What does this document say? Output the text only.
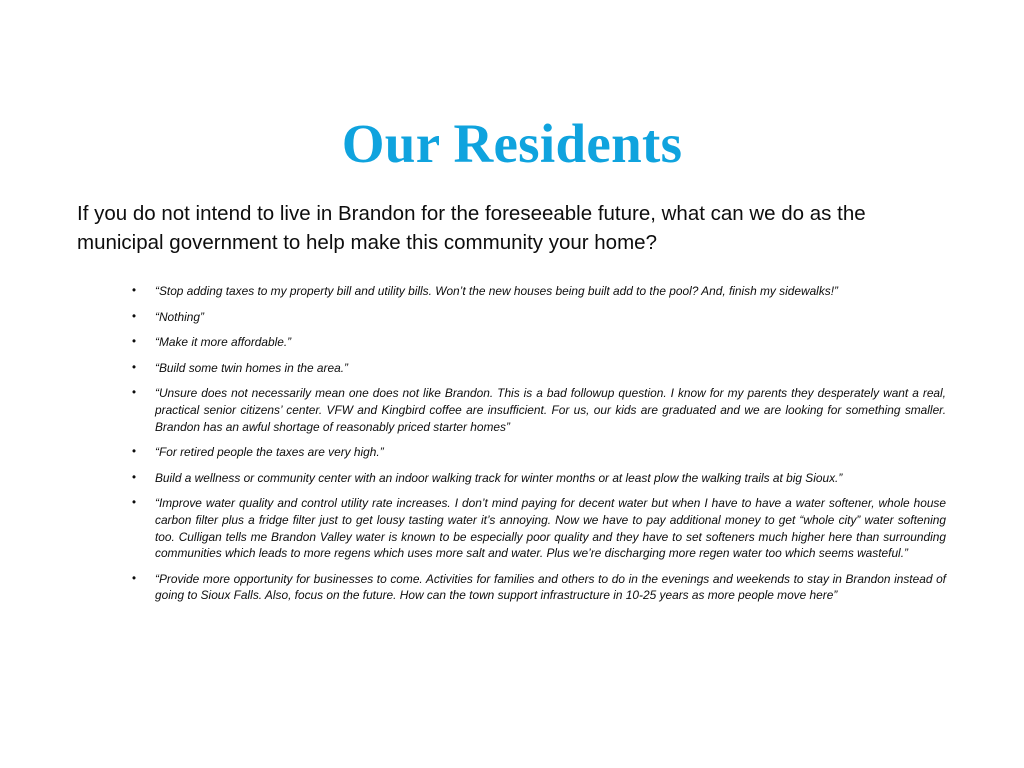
Our Residents

If you do not intend to live in Brandon for the foreseeable future, what can we do as the municipal government to help make this community your home?

• “Stop adding taxes to my property bill and utility bills. Won’t the new houses being built add to the pool? And, finish my sidewalks!”
• “Nothing”
• “Make it more affordable.”
• “Build some twin homes in the area.”
• “Unsure does not necessarily mean one does not like Brandon. This is a bad followup question. I know for my parents they desperately want a real, practical senior citizens’ center. VFW and Kingbird coffee are insufficient. For us, our kids are graduated and we are looking for something smaller. Brandon has an awful shortage of reasonably priced starter homes”
• “For retired people the taxes are very high.”
• Build a wellness or community center with an indoor walking track for winter months or at least plow the walking trails at big Sioux.”
• “Improve water quality and control utility rate increases. I don’t mind paying for decent water but when I have to have a water softener, whole house carbon filter plus a fridge filter just to get lousy tasting water it’s annoying. Now we have to pay additional money to get “whole city” water softening too. Culligan tells me Brandon Valley water is known to be especially poor quality and they have to set softeners much higher here than surrounding communities which leads to more regens which uses more salt and water. Plus we’re discharging more regen water too which seems wasteful.”
• “Provide more opportunity for businesses to come. Activities for families and others to do in the evenings and weekends to stay in Brandon instead of going to Sioux Falls. Also, focus on the future. How can the town support infrastructure in 10-25 years as more people move here”
